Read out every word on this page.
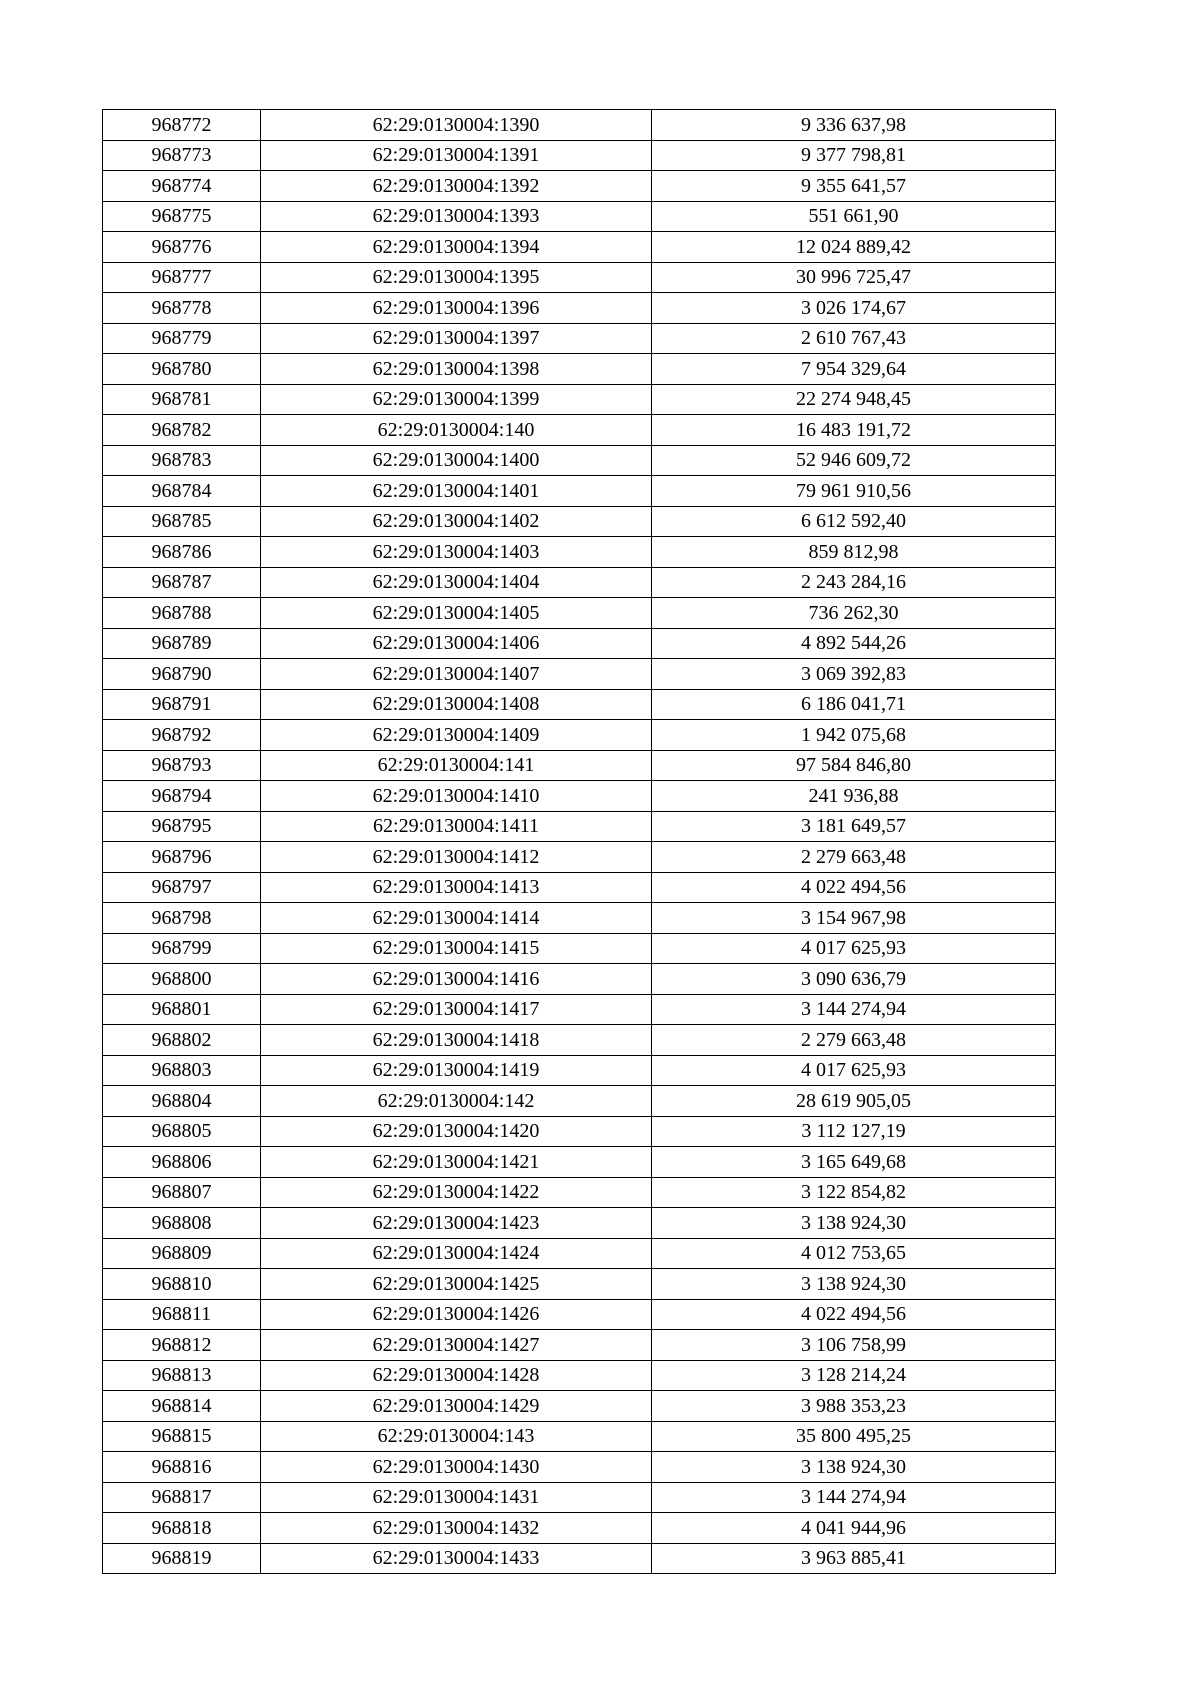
968772	62:29:0130004:1390	9 336 637,98
968773	62:29:0130004:1391	9 377 798,81
968774	62:29:0130004:1392	9 355 641,57
968775	62:29:0130004:1393	551 661,90
968776	62:29:0130004:1394	12 024 889,42
968777	62:29:0130004:1395	30 996 725,47
968778	62:29:0130004:1396	3 026 174,67
968779	62:29:0130004:1397	2 610 767,43
968780	62:29:0130004:1398	7 954 329,64
968781	62:29:0130004:1399	22 274 948,45
968782	62:29:0130004:140	16 483 191,72
968783	62:29:0130004:1400	52 946 609,72
968784	62:29:0130004:1401	79 961 910,56
968785	62:29:0130004:1402	6 612 592,40
968786	62:29:0130004:1403	859 812,98
968787	62:29:0130004:1404	2 243 284,16
968788	62:29:0130004:1405	736 262,30
968789	62:29:0130004:1406	4 892 544,26
968790	62:29:0130004:1407	3 069 392,83
968791	62:29:0130004:1408	6 186 041,71
968792	62:29:0130004:1409	1 942 075,68
968793	62:29:0130004:141	97 584 846,80
968794	62:29:0130004:1410	241 936,88
968795	62:29:0130004:1411	3 181 649,57
968796	62:29:0130004:1412	2 279 663,48
968797	62:29:0130004:1413	4 022 494,56
968798	62:29:0130004:1414	3 154 967,98
968799	62:29:0130004:1415	4 017 625,93
968800	62:29:0130004:1416	3 090 636,79
968801	62:29:0130004:1417	3 144 274,94
968802	62:29:0130004:1418	2 279 663,48
968803	62:29:0130004:1419	4 017 625,93
968804	62:29:0130004:142	28 619 905,05
968805	62:29:0130004:1420	3 112 127,19
968806	62:29:0130004:1421	3 165 649,68
968807	62:29:0130004:1422	3 122 854,82
968808	62:29:0130004:1423	3 138 924,30
968809	62:29:0130004:1424	4 012 753,65
968810	62:29:0130004:1425	3 138 924,30
968811	62:29:0130004:1426	4 022 494,56
968812	62:29:0130004:1427	3 106 758,99
968813	62:29:0130004:1428	3 128 214,24
968814	62:29:0130004:1429	3 988 353,23
968815	62:29:0130004:143	35 800 495,25
968816	62:29:0130004:1430	3 138 924,30
968817	62:29:0130004:1431	3 144 274,94
968818	62:29:0130004:1432	4 041 944,96
968819	62:29:0130004:1433	3 963 885,41
